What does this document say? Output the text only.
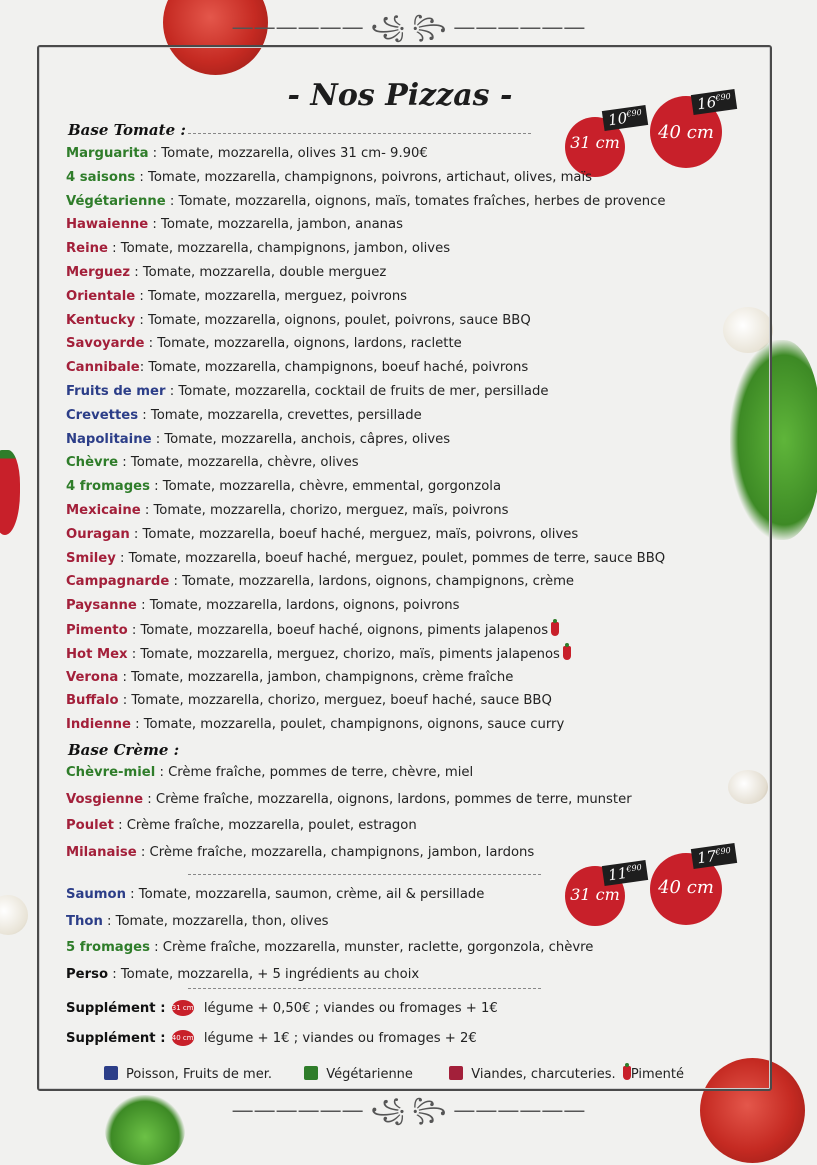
—————— ꧁ ꧂ ——————
—————— ꧁ ꧂ ——————
- Nos Pizzas -
Base Tomate :
31 cm
$10^{€90}$
40 cm
$16^{€90}$
Marguarita : Tomate, mozzarella, olives 31 cm- 9.90€
4 saisons : Tomate, mozzarella, champignons, poivrons, artichaut, olives, maïs
Végétarienne : Tomate, mozzarella, oignons, maïs, tomates fraîches, herbes de provence
Hawaienne : Tomate, mozzarella, jambon, ananas
Reine : Tomate, mozzarella, champignons, jambon, olives
Merguez : Tomate, mozzarella, double merguez
Orientale : Tomate, mozzarella, merguez, poivrons
Kentucky : Tomate, mozzarella, oignons, poulet, poivrons, sauce BBQ
Savoyarde : Tomate, mozzarella, oignons, lardons, raclette
Cannibale: Tomate, mozzarella, champignons, boeuf haché, poivrons
Fruits de mer : Tomate, mozzarella, cocktail de fruits de mer, persillade
Crevettes : Tomate, mozzarella, crevettes, persillade
Napolitaine : Tomate, mozzarella, anchois, câpres, olives
Chèvre : Tomate, mozzarella, chèvre, olives
4 fromages : Tomate, mozzarella, chèvre, emmental, gorgonzola
Mexicaine : Tomate, mozzarella, chorizo, merguez, maïs, poivrons
Ouragan : Tomate, mozzarella, boeuf haché, merguez, maïs, poivrons, olives
Smiley : Tomate, mozzarella, boeuf haché, merguez, poulet, pommes de terre, sauce BBQ
Campagnarde : Tomate, mozzarella, lardons, oignons, champignons, crème
Paysanne : Tomate, mozzarella, lardons, oignons, poivrons
Pimento : Tomate, mozzarella, boeuf haché, oignons, piments jalapenos
Hot Mex : Tomate, mozzarella, merguez, chorizo, maïs, piments jalapenos
Verona : Tomate, mozzarella, jambon, champignons, crème fraîche
Buffalo : Tomate, mozzarella, chorizo, merguez, boeuf haché, sauce BBQ
Indienne : Tomate, mozzarella, poulet, champignons, oignons, sauce curry
Base Crème :
Chèvre-miel : Crème fraîche, pommes de terre, chèvre, miel
Vosgienne : Crème fraîche, mozzarella, oignons, lardons, pommes de terre, munster
Poulet : Crème fraîche, mozzarella, poulet, estragon
Milanaise : Crème fraîche, mozzarella, champignons, jambon, lardons
31 cm
$11^{€90}$
40 cm
$17^{€90}$
Saumon : Tomate, mozzarella, saumon, crème, ail & persillade
Thon : Tomate, mozzarella, thon, olives
5 fromages : Crème fraîche, mozzarella, munster, raclette, gorgonzola, chèvre
Perso : Tomate, mozzarella, + 5 ingrédients au choix
Supplément : 31 cm légume + 0,50€ ; viandes ou fromages + 1€
Supplément : 40 cm légume + 1€ ; viandes ou fromages + 2€
Poisson, Fruits de mer.	Végétarienne	Viandes, charcuteries. Pimenté
